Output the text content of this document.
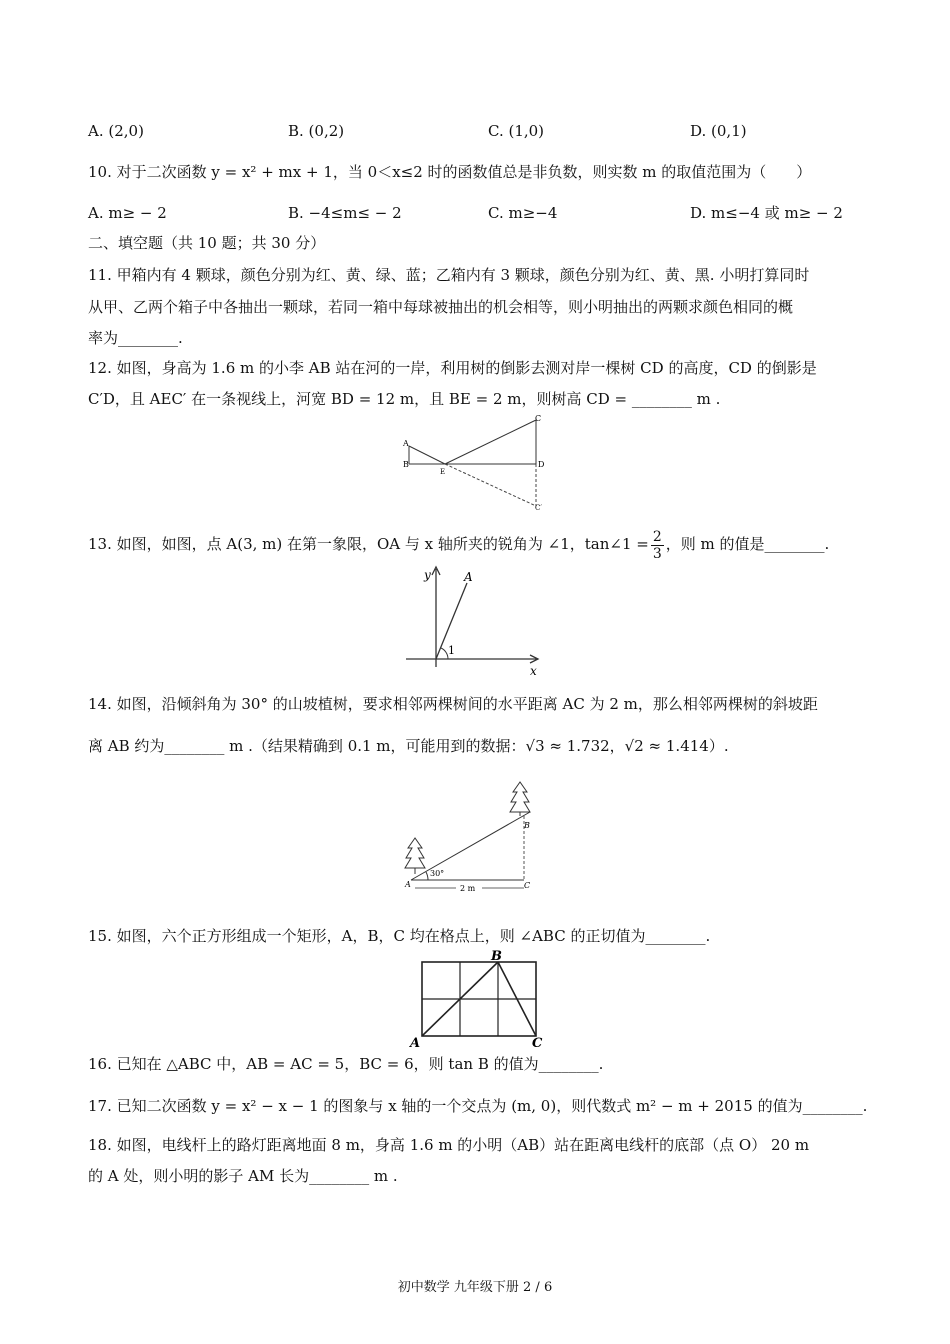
A. (2,0)	B. (0,2)	C. (1,0)	D. (0,1)
10. 对于二次函数 y = x² + mx + 1，当 0＜x≤2 时的函数值总是非负数，则实数 m 的取值范围为（　　）
A. m≥ − 2	B. −4≤m≤ − 2	C. m≥−4	D. m≤−4 或 m≥ − 2
二、填空题（共 10 题；共 30 分）
11. 甲箱内有 4 颗球，颜色分别为红、黄、绿、蓝；乙箱内有 3 颗球，颜色分别为红、黄、黑. 小明打算同时
从甲、乙两个箱子中各抽出一颗球，若同一箱中每球被抽出的机会相等，则小明抽出的两颗求颜色相同的概
率为________.
12. 如图，身高为 1.6 m 的小李 AB 站在河的一岸，利用树的倒影去测对岸一棵树 CD 的高度，CD 的倒影是
C′D，且 AEC′ 在一条视线上，河宽 BD = 12 m，且 BE = 2 m，则树高 CD = ________ m .
A
B
E
C
D
C′
13. 如图，如图，点 A(3, m) 在第一象限，OA 与 x 轴所夹的锐角为 ∠1，tan∠1 = $\frac{2}{3}$ ，则 m 的值是________.
y
x
A
1
14. 如图，沿倾斜角为 30° 的山坡植树，要求相邻两棵树间的水平距离 AC 为 2 m，那么相邻两棵树的斜坡距
离 AB 约为________ m .（结果精确到 0.1 m，可能用到的数据：√3 ≈ 1.732，√2 ≈ 1.414）.
30°
2 m
A
B
C
15. 如图，六个正方形组成一个矩形，A，B，C 均在格点上，则 ∠ABC 的正切值为________.
B
A	C
16. 已知在 △ABC 中，AB = AC = 5，BC = 6，则 tan B 的值为________.
17. 已知二次函数 y = x² − x − 1 的图象与 x 轴的一个交点为 (m, 0)，则代数式 m² − m + 2015 的值为________.
18. 如图，电线杆上的路灯距离地面 8 m，身高 1.6 m 的小明（AB）站在距离电线杆的底部（点 O） 20 m
的 A 处，则小明的影子 AM 长为________ m .
初中数学 九年级下册 2 / 6
